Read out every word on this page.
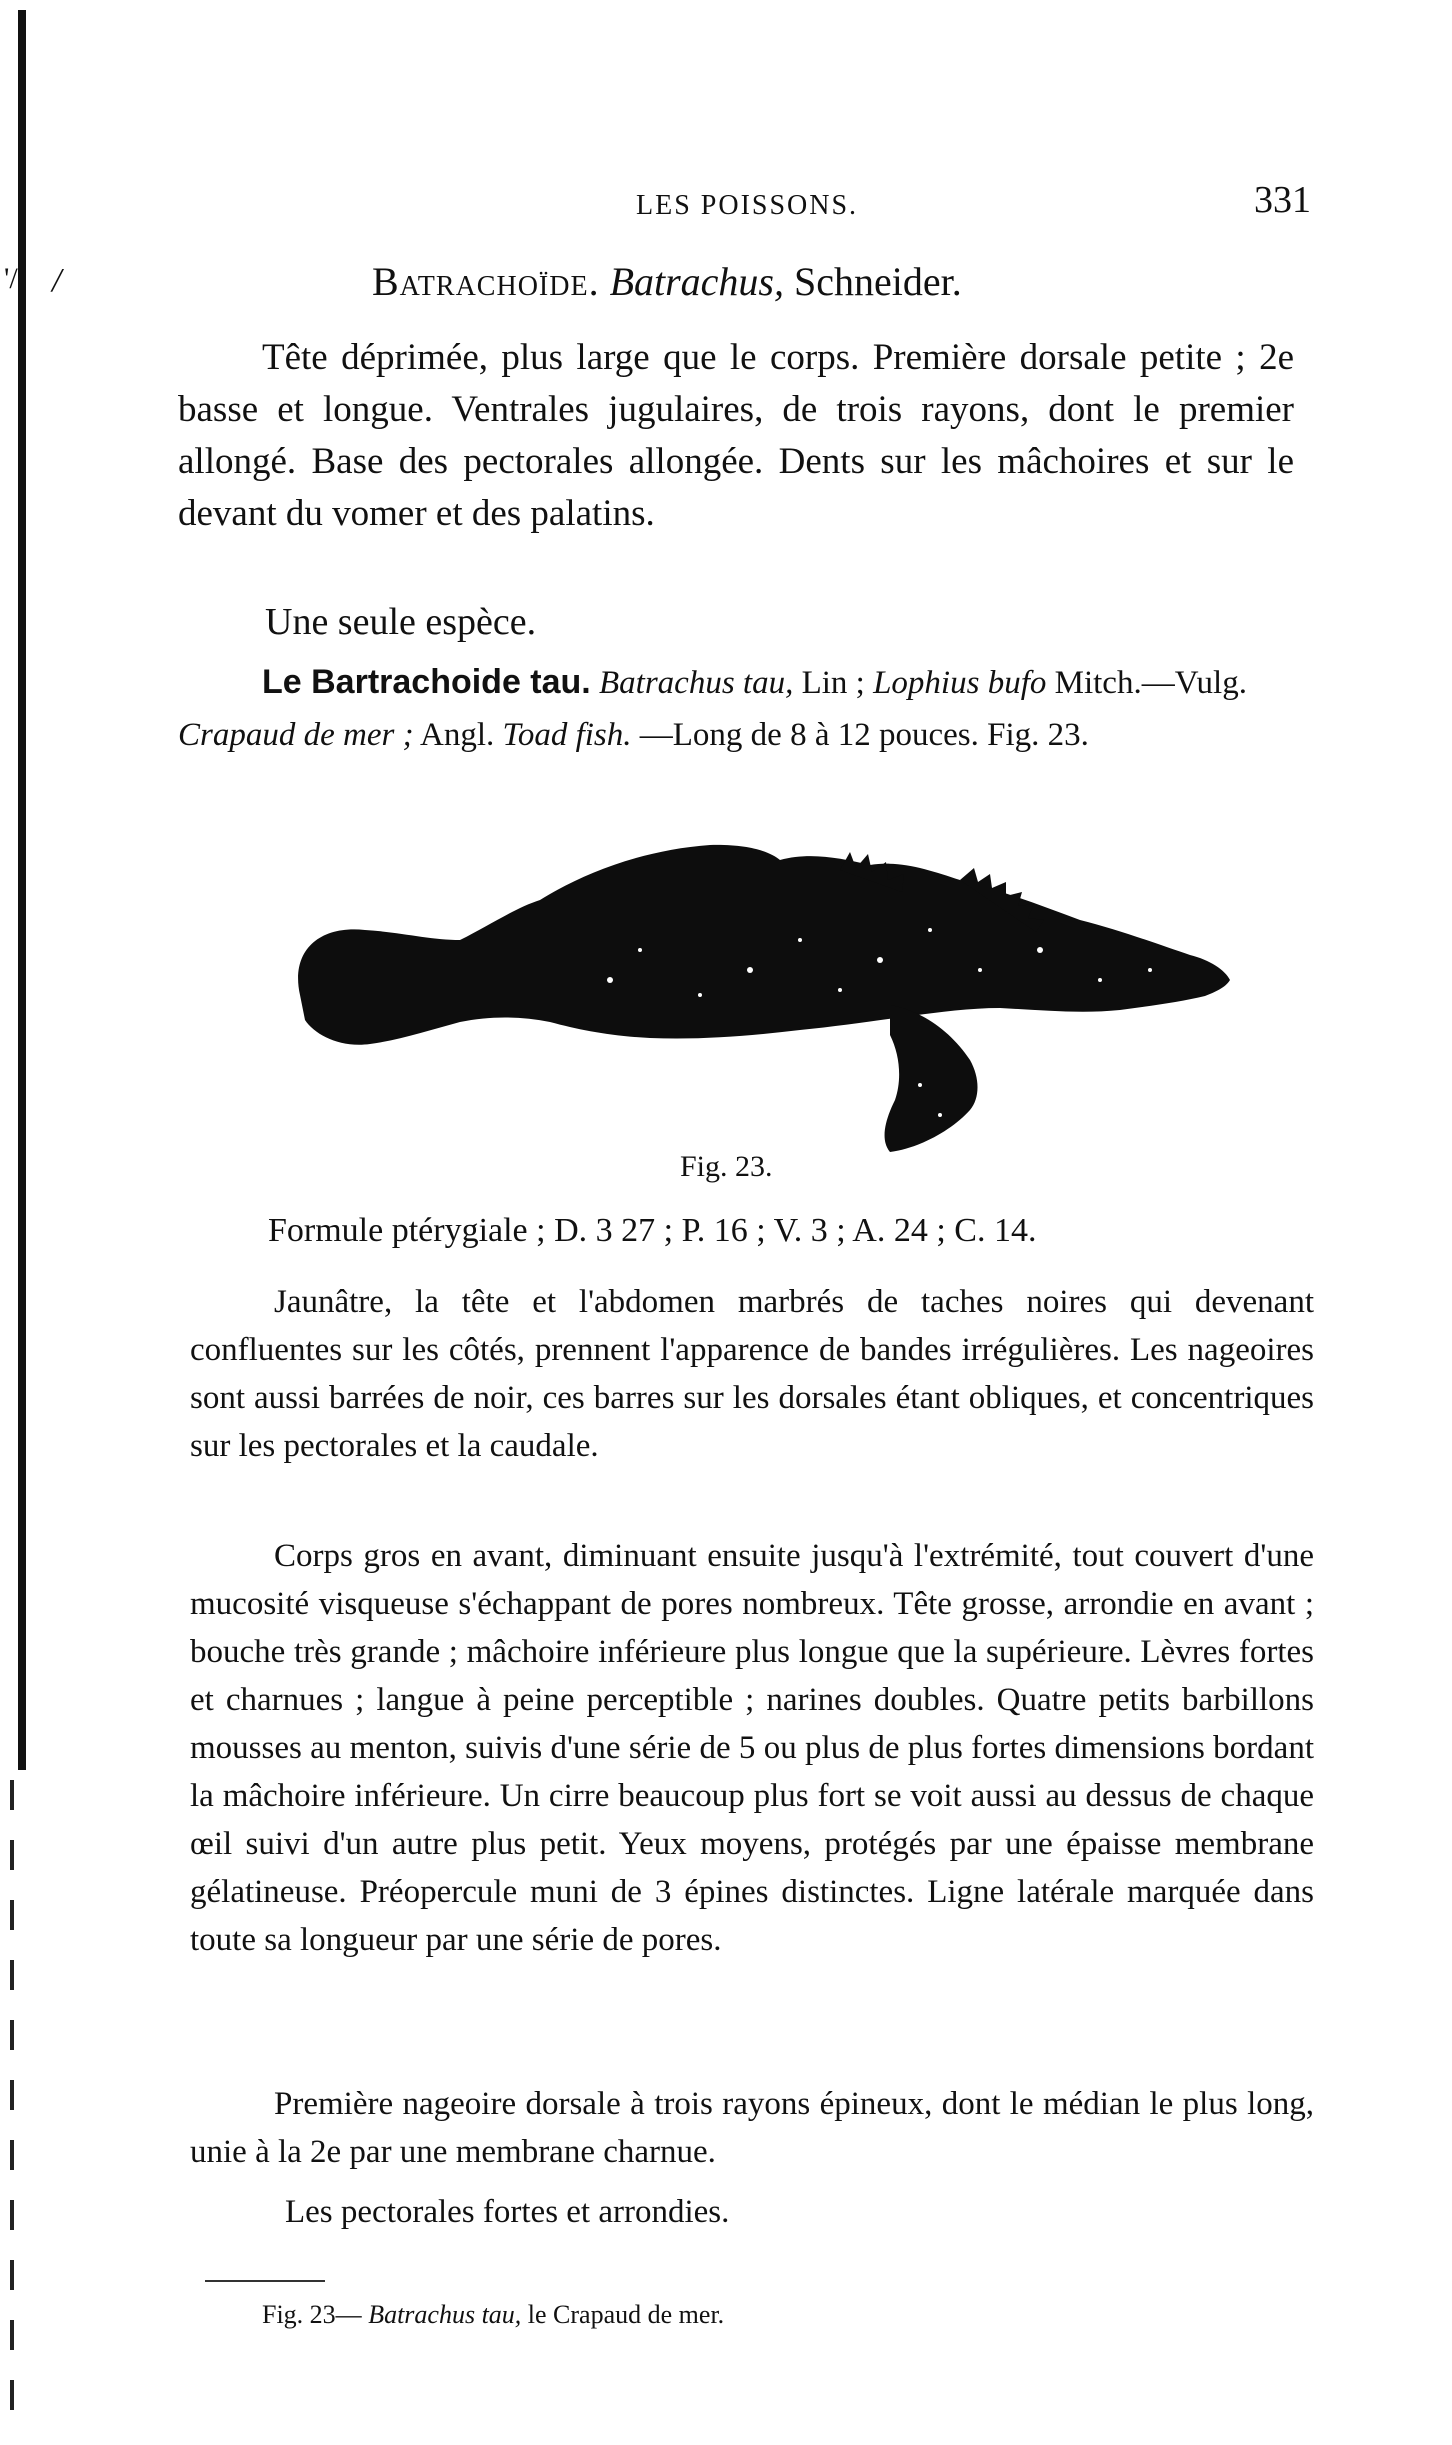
'/ /
LES POISSONS.	331
Batrachoïde. Batrachus, Schneider.
Tête déprimée, plus large que le corps. Première dorsale petite ; 2e basse et longue. Ventrales jugulaires, de trois rayons, dont le premier allongé. Base des pectorales allongée. Dents sur les mâchoires et sur le devant du vomer et des palatins.
Une seule espèce.
Le Bartrachoide tau. Batrachus tau, Lin ; Lophius bufo Mitch.—Vulg. Crapaud de mer ; Angl. Toad fish. —Long de 8 à 12 pouces. Fig. 23.
Fig. 23.
Formule ptérygiale ; D. 3 27 ; P. 16 ; V. 3 ; A. 24 ; C. 14.
Jaunâtre, la tête et l'abdomen marbrés de taches noires qui devenant confluentes sur les côtés, prennent l'apparence de bandes irrégulières. Les nageoires sont aussi barrées de noir, ces barres sur les dorsales étant obliques, et concentriques sur les pectorales et la caudale.
Corps gros en avant, diminuant ensuite jusqu'à l'extrémité, tout couvert d'une mucosité visqueuse s'échappant de pores nombreux. Tête grosse, arrondie en avant ; bouche très grande ; mâchoire inférieure plus longue que la supérieure. Lèvres fortes et charnues ; langue à peine perceptible ; narines doubles. Quatre petits barbillons mousses au menton, suivis d'une série de 5 ou plus de plus fortes dimensions bordant la mâchoire inférieure. Un cirre beaucoup plus fort se voit aussi au dessus de chaque œil suivi d'un autre plus petit. Yeux moyens, protégés par une épaisse membrane gélatineuse. Préopercule muni de 3 épines distinctes. Ligne latérale marquée dans toute sa longueur par une série de pores.
Première nageoire dorsale à trois rayons épineux, dont le médian le plus long, unie à la 2e par une membrane charnue.
Les pectorales fortes et arrondies.
Fig. 23— Batrachus tau, le Crapaud de mer.
